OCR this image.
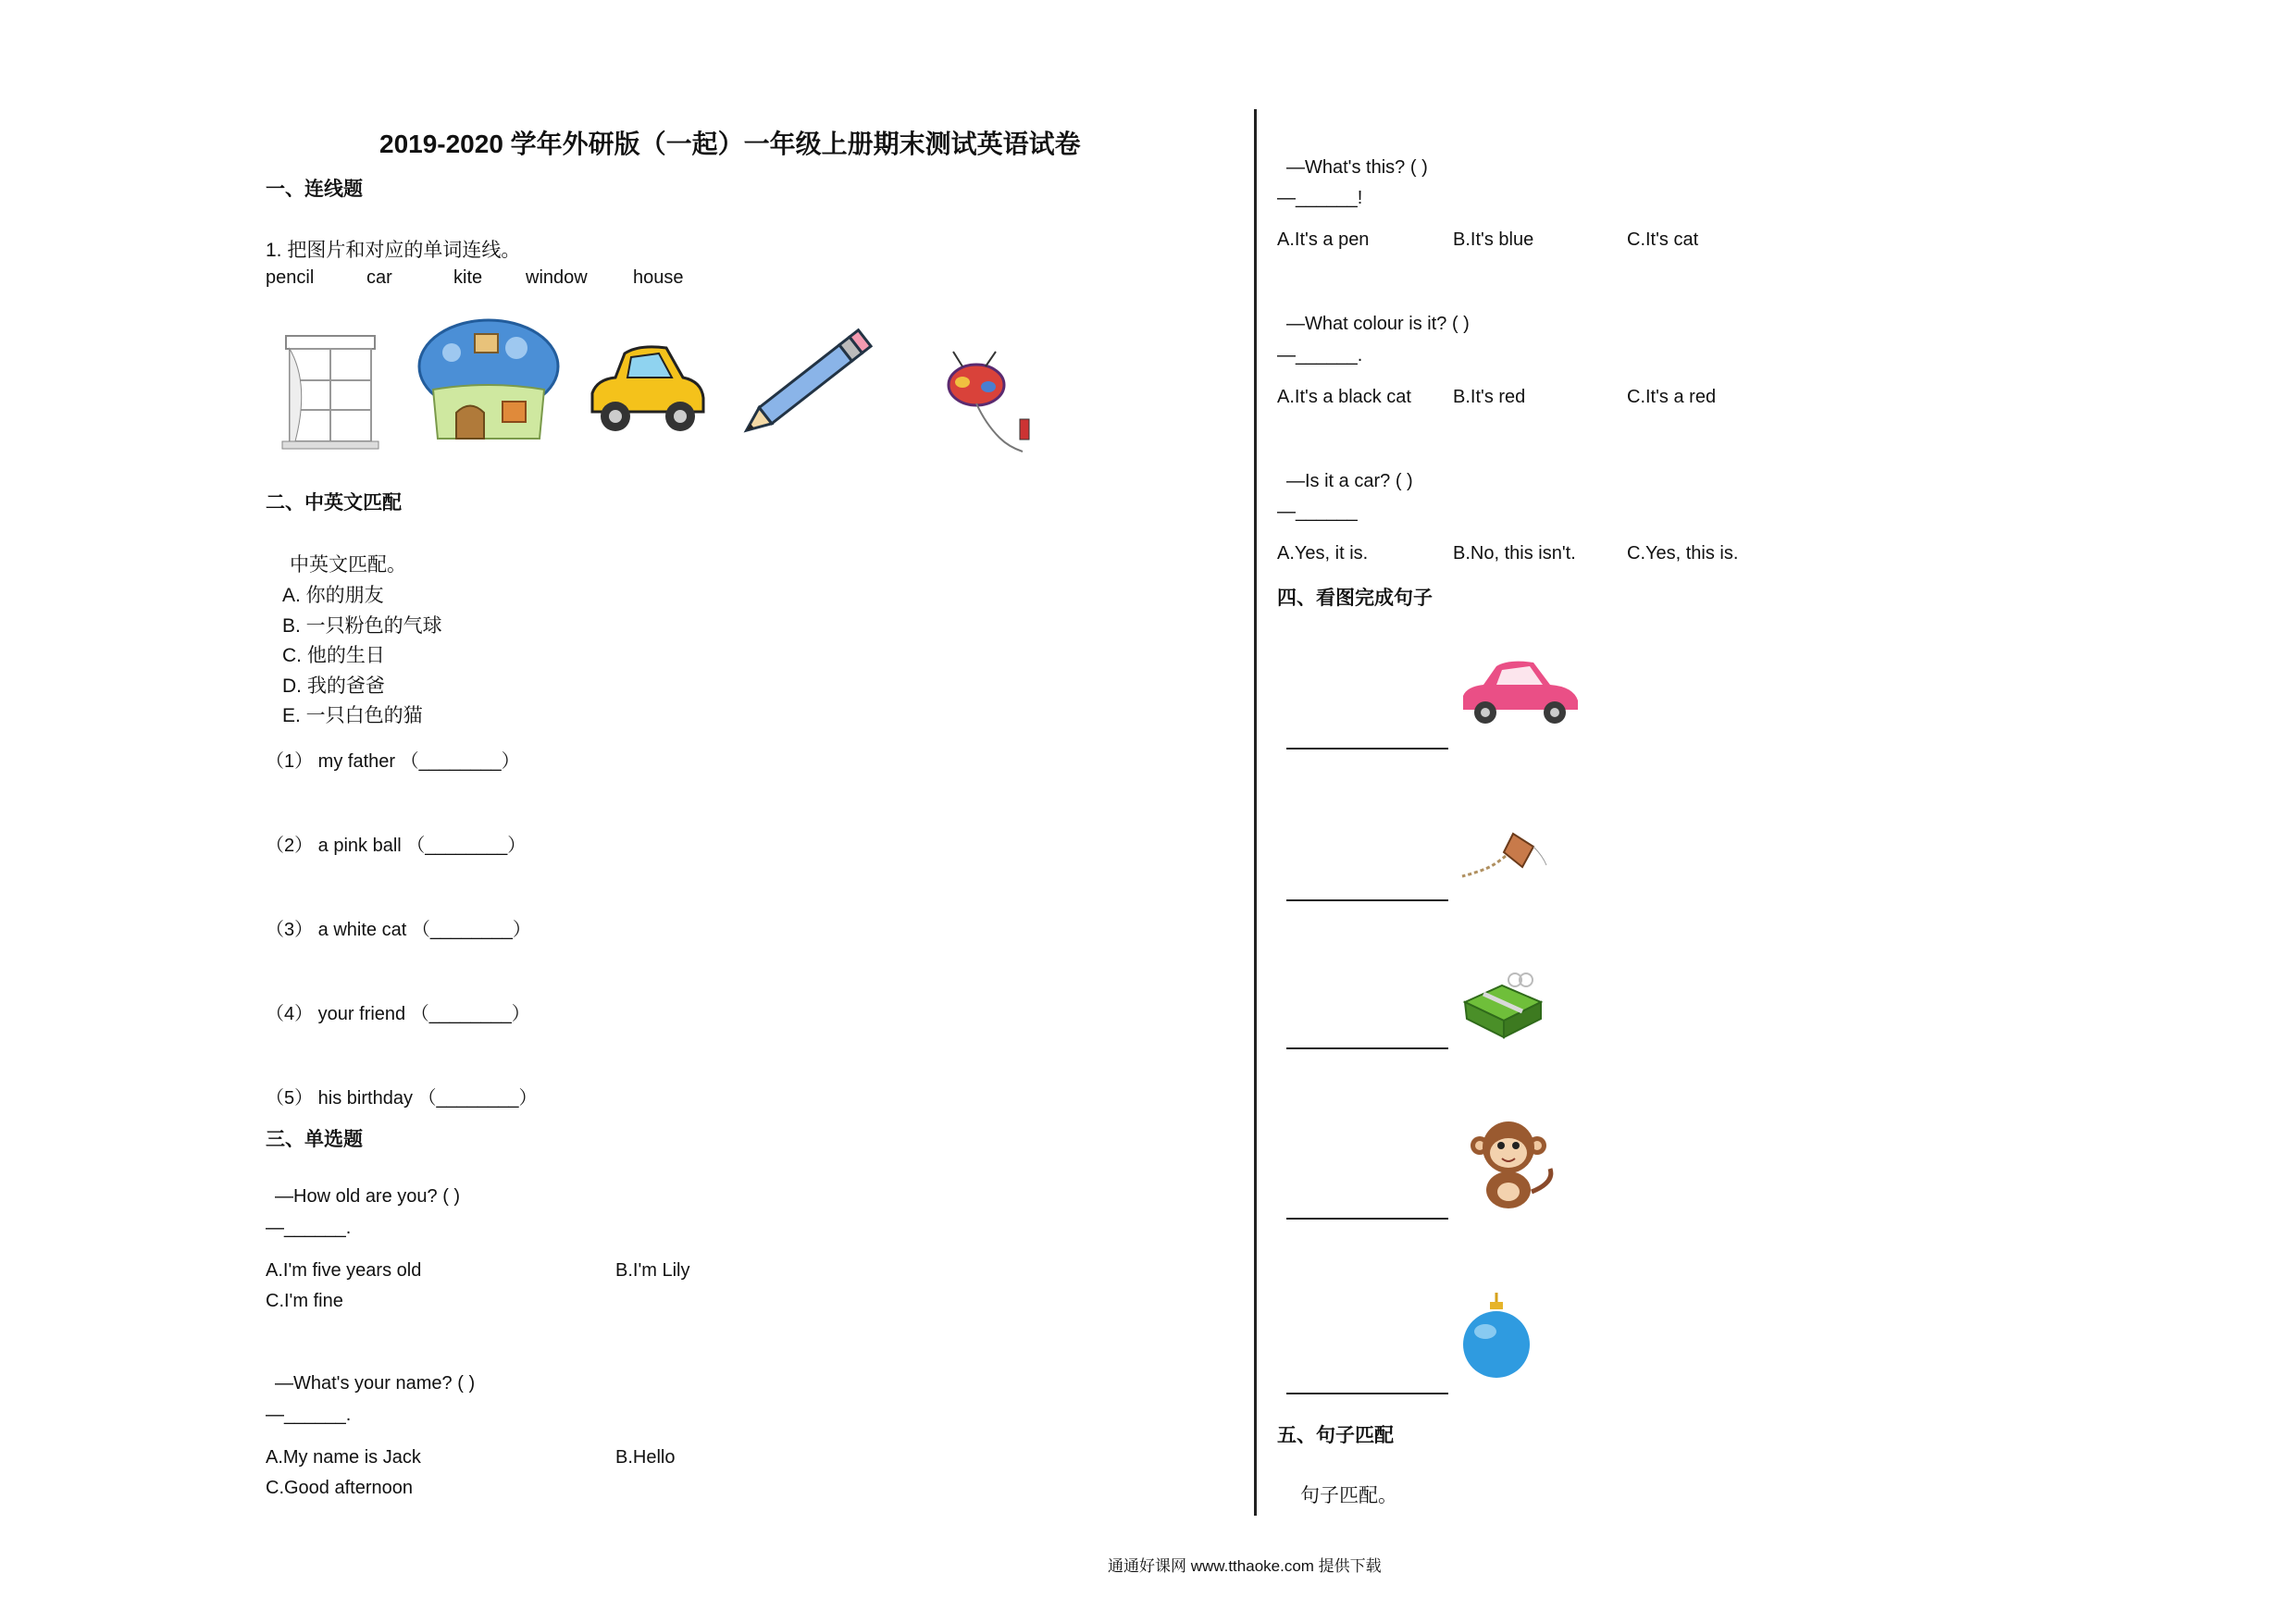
2019-2020 学年外研版（一起）一年级上册期末测试英语试卷
一、连线题
1. 把图片和对应的单词连线。
pencil	car	kite window house
二、中英文匹配
中英文匹配。
A. 你的朋友
B. 一只粉色的气球
C. 他的生日
D. 我的爸爸
E. 一只白色的猫
（1） my father （________）
（2） a pink ball （________）
（3） a white cat （________）
（4） your friend （________）
（5） his birthday （________）
三、单选题
—How old are you? ( )
—______.
A.I'm five years old	B.I'm Lily
C.I'm fine
—What's your name? ( )
—______.
A.My name is Jack	B.Hello
C.Good afternoon
—What's this? ( )
—______!
A.It's a pen	B.It's blue	C.It's cat
—What colour is it? ( )
—______.
A.It's a black cat B.It's red	C.It's a red
—Is it a car? ( )
—______
A.Yes, it is.	B.No, this isn't.	C.Yes, this is.
四、看图完成句子
五、句子匹配
句子匹配。
通通好课网 www.tthaoke.com 提供下载
